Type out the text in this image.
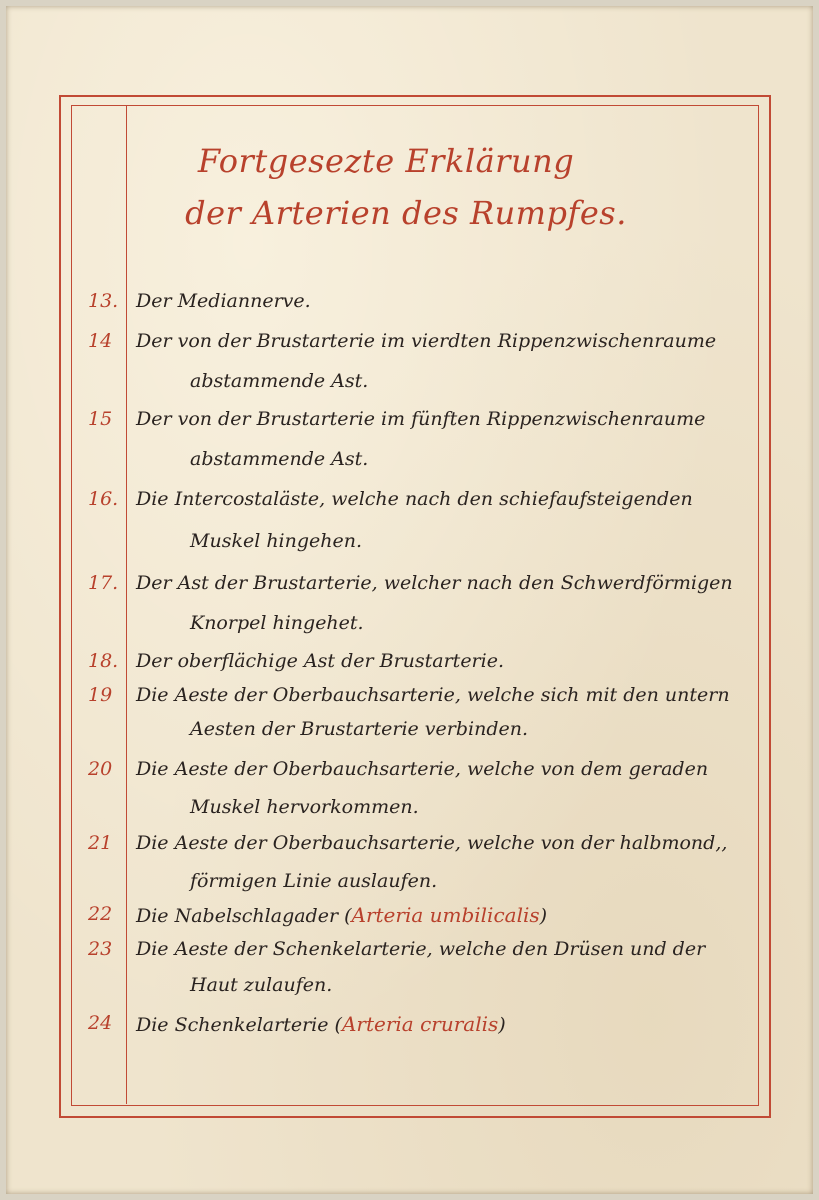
Fortgesezte Erklärung
der Arterien des Rumpfes.
13. Der Mediannerve.
14	Der von der Brustarterie im vierdten Rippenzwischenraume
abstammende Ast.
15	Der von der Brustarterie im fünften Rippenzwischenraume
abstammende Ast.
16. Die Intercostaläste, welche nach den schiefaufsteigenden
Muskel hingehen.
17. Der Ast der Brustarterie, welcher nach den Schwerdförmigen
Knorpel hingehet.
18. Der oberflächige Ast der Brustarterie.
19	Die Aeste der Oberbauchsarterie, welche sich mit den untern
Aesten der Brustarterie verbinden.
20	Die Aeste der Oberbauchsarterie, welche von dem geraden
Muskel hervorkommen.
21	Die Aeste der Oberbauchsarterie, welche von der halbmond,,
förmigen Linie auslaufen.
22	Die Nabelschlagader (Arteria umbilicalis)
23	Die Aeste der Schenkelarterie, welche den Drüsen und der
Haut zulaufen.
24	Die Schenkelarterie (Arteria cruralis)
